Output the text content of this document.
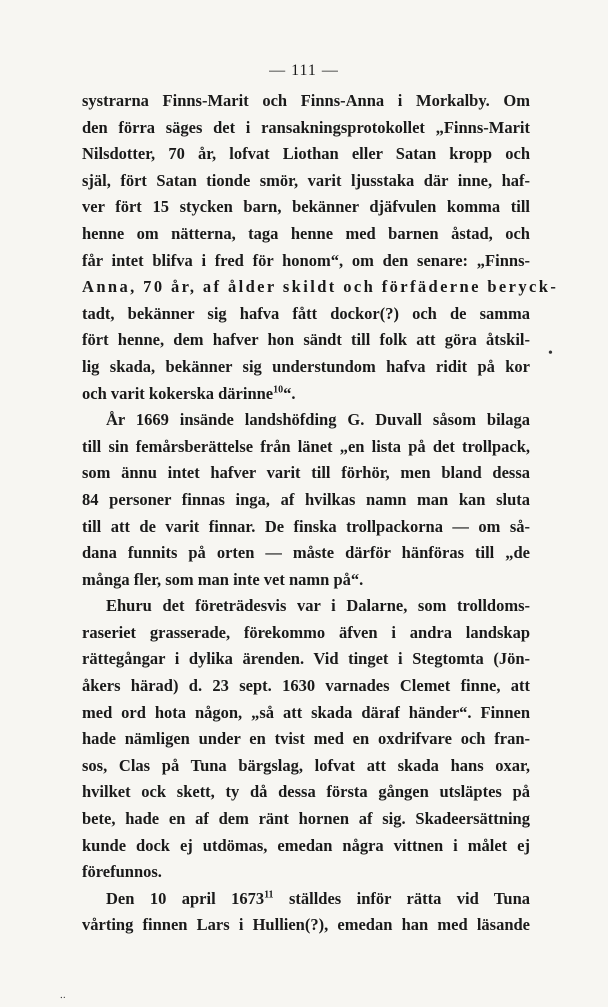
— 111 —
systrarna Finns-Marit och Finns-Anna i Morkalby. Om
den förra säges det i ransakningsprotokollet „Finns-Marit
Nilsdotter, 70 år, lofvat Liothan eller Satan kropp och
själ, fört Satan tionde smör, varit ljusstaka där inne, haf-
ver fört 15 stycken barn, bekänner djäfvulen komma till
henne om nätterna, taga henne med barnen åstad, och
får intet blifva i fred för honom“, om den senare: „Finns-
Anna, 70 år, af ålder skildt och förfäderne beryck-
tadt, bekänner sig hafva fått dockor(?) och de samma
fört henne, dem hafver hon sändt till folk att göra åtskil-
lig skada, bekänner sig understundom hafva ridit på kor
och varit kokerska därinne$^{10}$“.
År 1669 insände landshöfding G. Duvall såsom bilaga
till sin femårsberättelse från länet „en lista på det trollpack,
som ännu intet hafver varit till förhör, men bland dessa
84 personer finnas inga, af hvilkas namn man kan sluta
till att de varit finnar. De finska trollpackorna — om så-
dana funnits på orten — måste därför hänföras till „de
många fler, som man inte vet namn på“.
Ehuru det företrädesvis var i Dalarne, som trolldoms-
raseriet grasserade, förekommo äfven i andra landskap
rättegångar i dylika ärenden. Vid tinget i Stegtomta (Jön-
åkers härad) d. 23 sept. 1630 varnades Clemet finne, att
med ord hota någon, „så att skada däraf händer“. Finnen
hade nämligen under en tvist med en oxdrifvare och fran-
sos, Clas på Tuna bärgslag, lofvat att skada hans oxar,
hvilket ock skett, ty då dessa första gången utsläptes på
bete, hade en af dem ränt hornen af sig. Skadeersättning
kunde dock ej utdömas, emedan några vittnen i målet ej
förefunnos.
Den 10 april 1673$^{11}$ ställdes inför rätta vid Tuna
vårting finnen Lars i Hullien(?), emedan han med läsande
•
⸱·
